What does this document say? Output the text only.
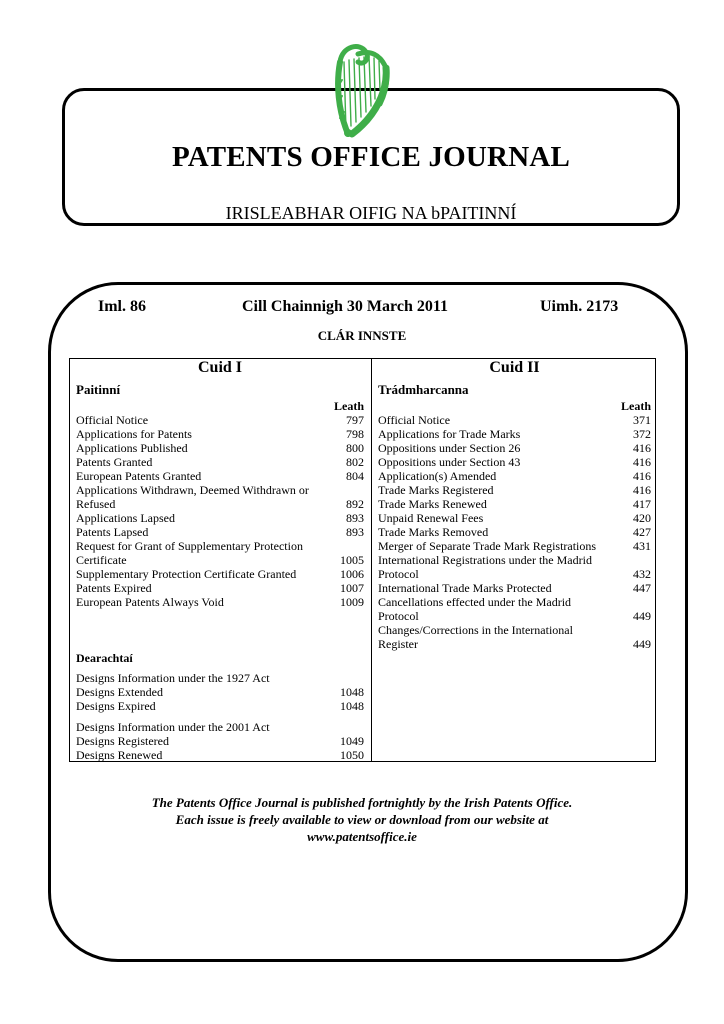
PATENTS OFFICE JOURNAL
IRISLEABHAR OIFIG NA bPAITINNÍ
Iml. 86	Cill Chainnigh 30 March 2011	Uimh. 2173
CLÁR INNSTE
Cuid I
Paitinní
Leath
Official Notice	797
Applications for Patents	798
Applications Published	800
Patents Granted	802
European Patents Granted	804
Applications Withdrawn, Deemed Withdrawn or
Refused	892
Applications Lapsed	893
Patents Lapsed	893
Request for Grant of Supplementary Protection
Certificate	1005
Supplementary Protection Certificate Granted	1006
Patents Expired	1007
European Patents Always Void	1009
Dearachtaí
Designs Information under the 1927 Act
Designs Extended	1048
Designs Expired	1048
Designs Information under the 2001 Act
Designs Registered	1049
Designs Renewed	1050
Cuid II
Trádmharcanna
Leath
Official Notice	371
Applications for Trade Marks	372
Oppositions under Section 26	416
Oppositions under Section 43	416
Application(s) Amended	416
Trade Marks Registered	416
Trade Marks Renewed	417
Unpaid Renewal Fees	420
Trade Marks Removed	427
Merger of Separate Trade Mark Registrations	431
International Registrations under the Madrid
Protocol	432
International Trade Marks Protected	447
Cancellations effected under the Madrid
Protocol	449
Changes/Corrections in the International
Register	449
The Patents Office Journal is published fortnightly by the Irish Patents Office.
Each issue is freely available to view or download from our website at
www.patentsoffice.ie
